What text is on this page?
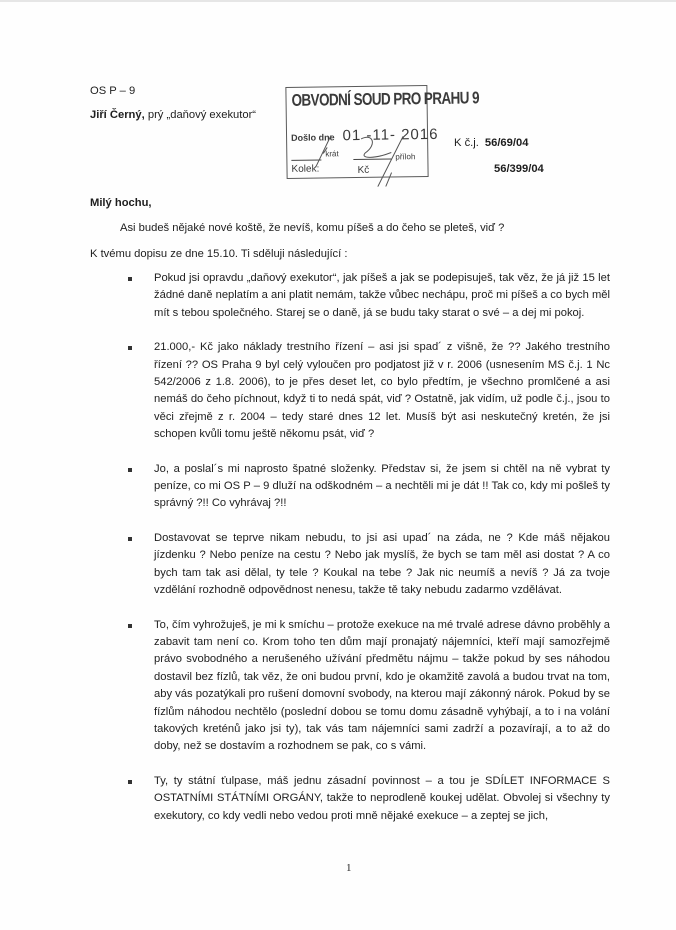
OS P – 9
Jiří Černý, prý „daňový exekutor“
OBVODNÍ SOUD PRO PRAHU 9
Došlo dne 01 -11- 2016
krát	příloh
Kolek:	Kč
K č.j. 56/69/04
56/399/04
Milý hochu,
Asi budeš nějaké nové koště, že nevíš, komu píšeš a do čeho se pleteš, viď ?
K tvému dopisu ze dne 15.10. Ti sděluji následující :
Pokud jsi opravdu „daňový exekutor“, jak píšeš a jak se podepisuješ, tak věz, že já již 15 let žádné daně neplatím a ani platit nemám, takže vůbec nechápu, proč mi píšeš a co bych měl mít s tebou společného. Starej se o daně, já se budu taky starat o své – a dej mi pokoj.
21.000,- Kč jako náklady trestního řízení – asi jsi spad´ z višně, že ?? Jakého trestního řízení ?? OS Praha 9 byl celý vyloučen pro podjatost již v r. 2006 (usnesením MS č.j. 1 Nc 542/2006 z 1.8. 2006), to je přes deset let, co bylo předtím, je všechno promlčené a asi nemáš do čeho píchnout, když ti to nedá spát, viď ? Ostatně, jak vidím, už podle č.j., jsou to věci zřejmě z r. 2004 – tedy staré dnes 12 let. Musíš být asi neskutečný kretén, že jsi schopen kvůli tomu ještě někomu psát, viď ?
Jo, a poslal´s mi naprosto špatné složenky. Představ si, že jsem si chtěl na ně vybrat ty peníze, co mi OS P – 9 dluží na odškodném – a nechtěli mi je dát !! Tak co, kdy mi pošleš ty správný ?!! Co vyhrávaj ?!!
Dostavovat se teprve nikam nebudu, to jsi asi upad´ na záda, ne ? Kde máš nějakou jízdenku ? Nebo peníze na cestu ? Nebo jak myslíš, že bych se tam měl asi dostat ? A co bych tam tak asi dělal, ty tele ? Koukal na tebe ? Jak nic neumíš a nevíš ? Já za tvoje vzdělání rozhodně odpovědnost nenesu, takže tě taky nebudu zadarmo vzdělávat.
To, čím vyhrožuješ, je mi k smíchu – protože exekuce na mé trvalé adrese dávno proběhly a zabavit tam není co. Krom toho ten dům mají pronajatý nájemníci, kteří mají samozřejmě právo svobodného a nerušeného užívání předmětu nájmu – takže pokud by ses náhodou dostavil bez fízlů, tak věz, že oni budou první, kdo je okamžitě zavolá a budou trvat na tom, aby vás pozatýkali pro rušení domovní svobody, na kterou mají zákonný nárok. Pokud by se fízlům náhodou nechtělo (poslední dobou se tomu domu zásadně vyhýbají, a to i na volání takových kreténů jako jsi ty), tak vás tam nájemníci sami zadrží a pozavírají, a to až do doby, než se dostavím a rozhodnem se pak, co s vámi.
Ty, ty státní ťulpase, máš jednu zásadní povinnost – a tou je SDÍLET INFORMACE S OSTATNÍMI STÁTNÍMI ORGÁNY, takže to neprodleně koukej udělat. Obvolej si všechny ty exekutory, co kdy vedli nebo vedou proti mně nějaké exekuce – a zeptej se jich,
1
